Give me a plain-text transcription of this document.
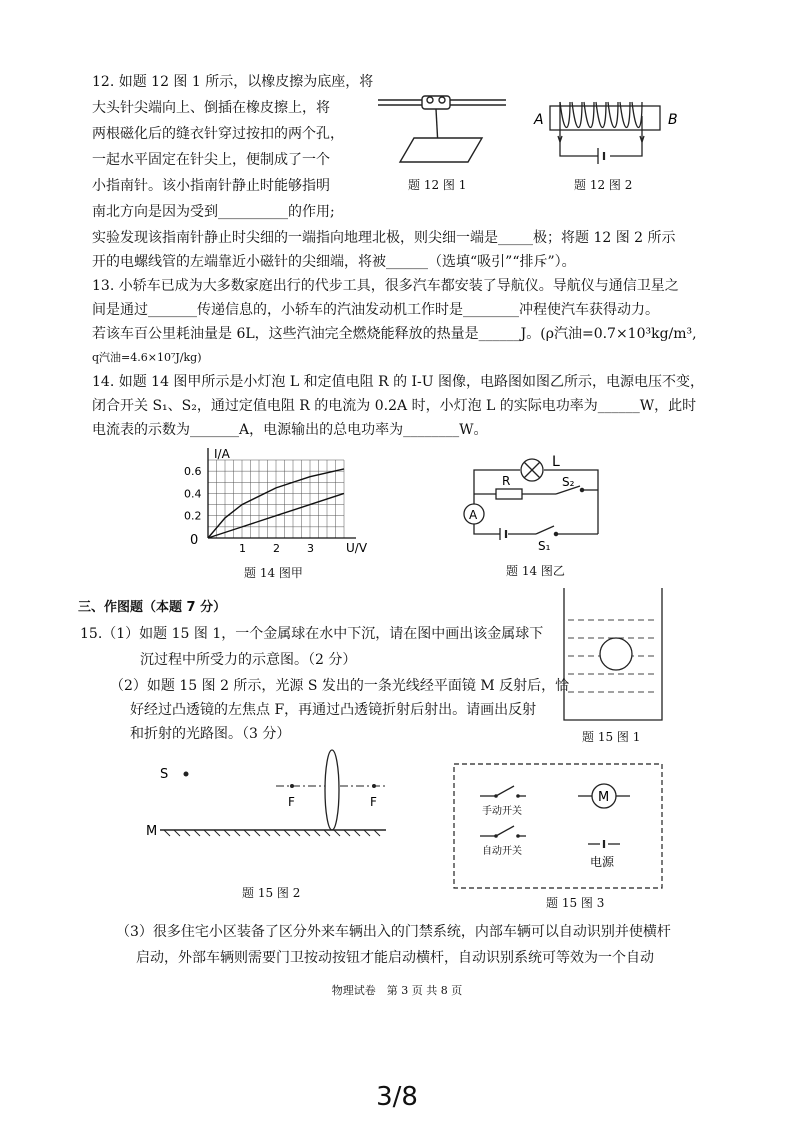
12. 如题 12 图 1 所示，以橡皮擦为底座，将
大头针尖端向上、倒插在橡皮擦上，将
两根磁化后的缝衣针穿过按扣的两个孔，
一起水平固定在针尖上，便制成了一个
小指南针。该小指南针静止时能够指明
南北方向是因为受到__________的作用;
实验发现该指南针静止时尖细的一端指向地理北极，则尖细一端是_____极；将题 12 图 2 所示
开的电螺线管的左端靠近小磁针的尖细端，将被______（选填“吸引”“排斥”）。
题 12 图 1
A	B
题 12 图 2
13. 小轿车已成为大多数家庭出行的代步工具，很多汽车都安装了导航仪。导航仪与通信卫星之
间是通过_______传递信息的，小轿车的汽油发动机工作时是________冲程使汽车获得动力。
若该车百公里耗油量是 6L，这些汽油完全燃烧能释放的热量是______J。(ρ汽油=0.7×10³kg/m³,
q汽油=4.6×10⁷J/kg)
14. 如题 14 图甲所示是小灯泡 L 和定值电阻 R 的 I-U 图像，电路图如图乙所示，电源电压不变，
闭合开关 S₁、S₂，通过定值电阻 R 的电流为 0.2A 时，小灯泡 L 的实际电功率为______W，此时
电流表的示数为_______A，电源输出的总电功率为________W。
1 2 3
0.2
0.4
0.6
I/A
U/V
0
题 14 图甲
A
L
R	S₂
S₁
题 14 图乙
三、作图题（本题 7 分）
15.（1）如题 15 图 1，一个金属球在水中下沉，请在图中画出该金属球下
沉过程中所受力的示意图。（2 分）
（2）如题 15 图 2 所示，光源 S 发出的一条光线经平面镜 M 反射后，恰
好经过凸透镜的左焦点 F，再通过凸透镜折射后射出。请画出反射
和折射的光路图。（3 分）	题 15 图 1
S
F	F
M
题 15 图 2
M
手动开关
自动开关
电源
题 15 图 3
（3）很多住宅小区装备了区分外来车辆出入的门禁系统，内部车辆可以自动识别并使横杆
启动，外部车辆则需要门卫按动按钮才能启动横杆，自动识别系统可等效为一个自动
物理试卷　第 3 页 共 8 页
3/8
